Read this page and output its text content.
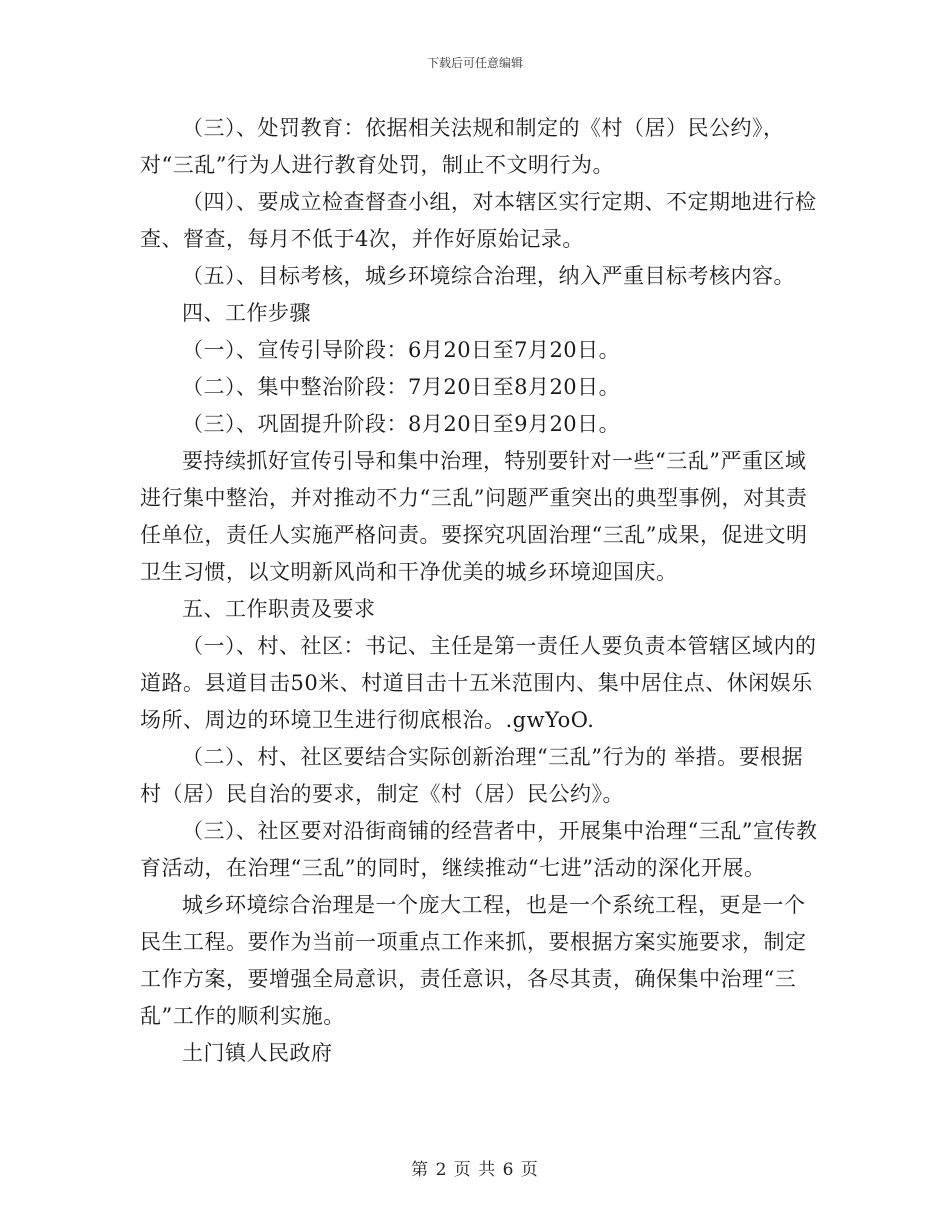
下载后可任意编辑

（三）、处罚教育：依据相关法规和制定的《村（居）民公约》，对“三乱”行为人进行教育处罚，制止不文明行为。

（四）、要成立检查督查小组，对本辖区实行定期、不定期地进行检查、督查，每月不低于4次，并作好原始记录。

（五）、目标考核，城乡环境综合治理，纳入严重目标考核内容。

四、工作步骤

（一）、宣传引导阶段：6月20日至7月20日。

（二）、集中整治阶段：7月20日至8月20日。

（三）、巩固提升阶段：8月20日至9月20日。

要持续抓好宣传引导和集中治理，特别要针对一些“三乱”严重区域进行集中整治，并对推动不力“三乱”问题严重突出的典型事例，对其责任单位，责任人实施严格问责。要探究巩固治理“三乱”成果，促进文明卫生习惯，以文明新风尚和干净优美的城乡环境迎国庆。

五、工作职责及要求

（一）、村、社区：书记、主任是第一责任人要负责本管辖区域内的道路。县道目击50米、村道目击十五米范围内、集中居住点、休闲娱乐场所、周边的环境卫生进行彻底根治。.gwYoO.

（二）、村、社区要结合实际创新治理“三乱”行为的 举措。要根据村（居）民自治的要求，制定《村（居）民公约》。

（三）、社区要对沿街商铺的经营者中，开展集中治理“三乱”宣传教育活动，在治理“三乱”的同时，继续推动“七进”活动的深化开展。

城乡环境综合治理是一个庞大工程，也是一个系统工程，更是一个民生工程。要作为当前一项重点工作来抓，要根据方案实施要求，制定工作方案，要增强全局意识，责任意识，各尽其责，确保集中治理“三乱”工作的顺利实施。

土门镇人民政府

第 2 页 共 6 页
